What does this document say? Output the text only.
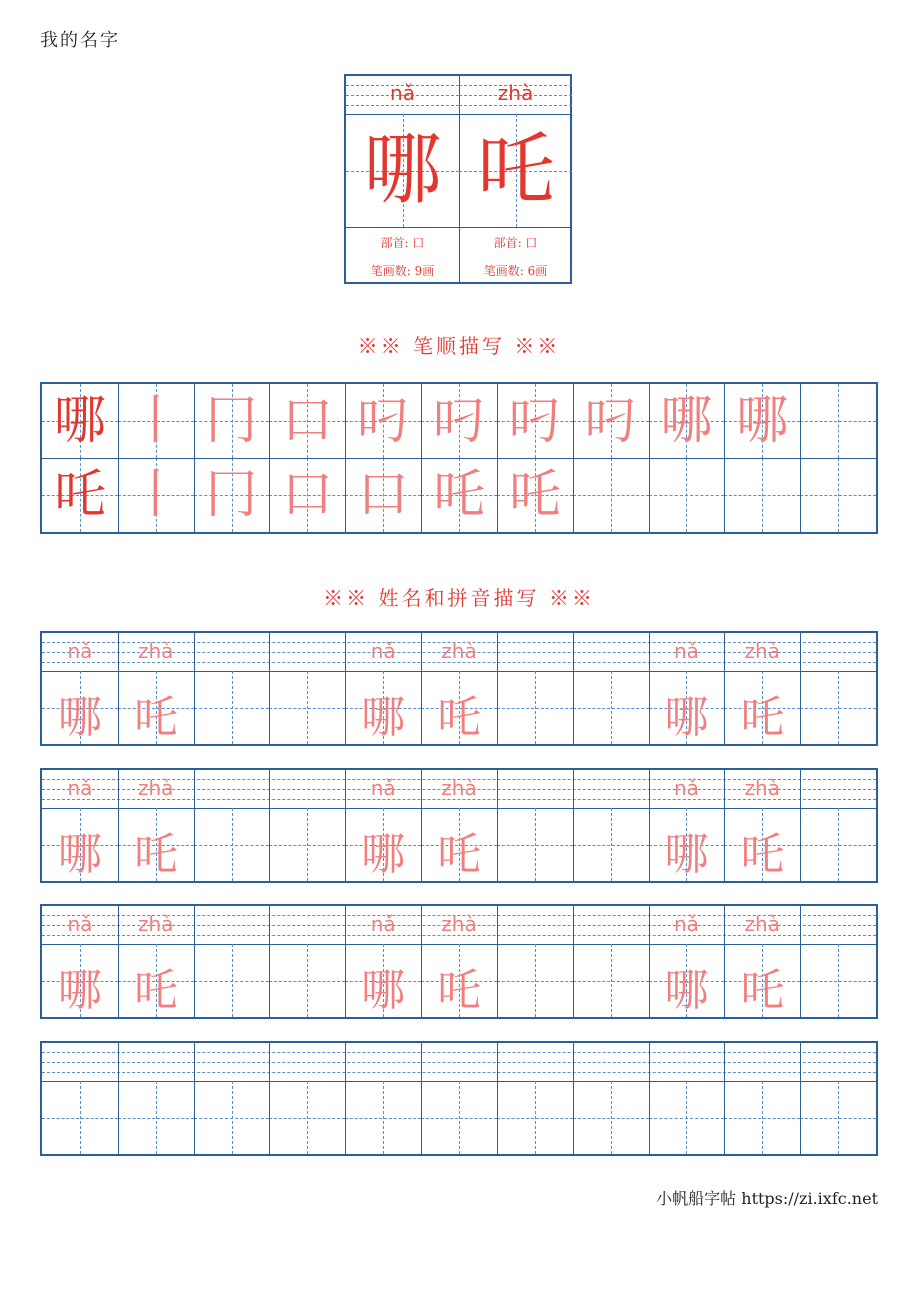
我的名字
nǎ
哪
部首: 口
笔画数: 9画
zhà
吒
部首: 口
笔画数: 6画
※※ 笔顺描写 ※※
哪 丨 冂 口 叼 叼 叼 叼 哪 哪
吒 丨 冂 口 口 吒 吒
※※ 姓名和拼音描写 ※※
nǎ
哪
zhà
吒
nǎ
哪
zhà
吒
nǎ
哪
zhà
吒
nǎ
哪
zhà
吒
nǎ
哪
zhà
吒
nǎ
哪
zhà
吒
nǎ
哪
zhà
吒
nǎ
哪
zhà
吒
nǎ
哪
zhà
吒
小帆船字帖 https://zi.ixfc.net
